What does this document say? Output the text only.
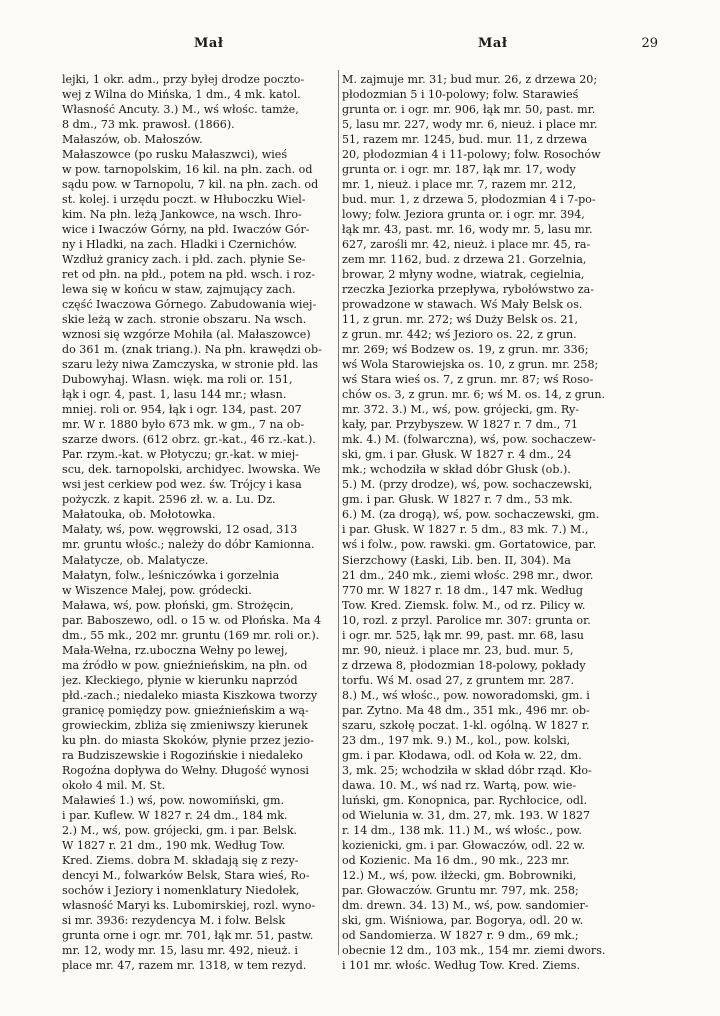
Mał	Mał	29
lejki, 1 okr. adm., przy byłej drodze poczto-
wej z Wilna do Mińska, 1 dm., 4 mk. katol.
Własność Ancuty. 3.) M., wś włośc. tamże,
8 dm., 73 mk. prawosł. (1866).
Małaszów, ob. Małoszów.
Małaszowce (po rusku Małaszwci), wieś
w pow. tarnopolskim, 16 kil. na płn. zach. od
sądu pow. w Tarnopolu, 7 kil. na płn. zach. od
st. kolej. i urzędu poczt. w Hłuboczku Wiel-
kim. Na płn. leżą Jankowce, na wsch. Ihro-
wice i Iwaczów Górny, na płd. Iwaczów Gór-
ny i Hladki, na zach. Hladki i Czernichów.
Wzdłuż granicy zach. i płd. zach. płynie Se-
ret od płn. na płd., potem na płd. wsch. i roz-
lewa się w końcu w staw, zajmujący zach.
część Iwaczowa Górnego. Zabudowania wiej-
skie leżą w zach. stronie obszaru. Na wsch.
wznosi się wzgórze Mohiła (al. Małaszowce)
do 361 m. (znak triang.). Na płn. krawędzi ob-
szaru leży niwa Zamczyska, w stronie płd. las
Dubowyhaj. Własn. więk. ma roli or. 151,
łąk i ogr. 4, past. 1, lasu 144 mr.; własn.
mniej. roli or. 954, łąk i ogr. 134, past. 207
mr. W r. 1880 było 673 mk. w gm., 7 na ob-
szarze dwors. (612 obrz. gr.-kat., 46 rz.-kat.).
Par. rzym.-kat. w Płotyczu; gr.-kat. w miej-
scu, dek. tarnopolski, archidyec. lwowska. We
wsi jest cerkiew pod wez. św. Trójcy i kasa
pożyczk. z kapit. 2596 zł. w. a. Lu. Dz.
Małatouka, ob. Mołotowka.
Małaty, wś, pow. węgrowski, 12 osad, 313
mr. gruntu włośc.; należy do dóbr Kamionna.
Małatycze, ob. Malatycze.
Małatyn, folw., leśniczówka i gorzelnia
w Wiszence Małej, pow. gródecki.
Maława, wś, pow. płoński, gm. Strożęcin,
par. Baboszewo, odl. o 15 w. od Płońska. Ma 4
dm., 55 mk., 202 mr. gruntu (169 mr. roli or.).
Mała-Wełna, rz.uboczna Wełny po lewej,
ma źródło w pow. gnieźnieńskim, na płn. od
jez. Kłeckiego, płynie w kierunku naprzód
płd.-zach.; niedaleko miasta Kiszkowa tworzy
granicę pomiędzy pow. gnieźnieńskim a wą-
growieckim, zbliża się zmieniwszy kierunek
ku płn. do miasta Skoków, płynie przez jezio-
ra Budziszewskie i Rogozińskie i niedaleko
Rogoźna dopływa do Wełny. Długość wynosi
około 4 mil. M. St.
Maławieś 1.) wś, pow. nowomiński, gm.
i par. Kuflew. W 1827 r. 24 dm., 184 mk.
2.) M., wś, pow. grójecki, gm. i par. Belsk.
W 1827 r. 21 dm., 190 mk. Według Tow.
Kred. Ziems. dobra M. składają się z rezy-
dencyi M., folwarków Belsk, Stara wieś, Ro-
sochów i Jeziory i nomenklatury Niedołek,
własność Maryi ks. Lubomirskiej, rozl. wyno-
si mr. 3936: rezydencya M. i folw. Belsk
grunta orne i ogr. mr. 701, łąk mr. 51, pastw.
mr. 12, wody mr. 15, lasu mr. 492, nieuż. i
place mr. 47, razem mr. 1318, w tem rezyd.
M. zajmuje mr. 31; bud mur. 26, z drzewa 20;
płodozmian 5 i 10-polowy; folw. Starawieś
grunta or. i ogr. mr. 906, łąk mr. 50, past. mr.
5, lasu mr. 227, wody mr. 6, nieuż. i place mr.
51, razem mr. 1245, bud. mur. 11, z drzewa
20, płodozmian 4 i 11-polowy; folw. Rosochów
grunta or. i ogr. mr. 187, łąk mr. 17, wody
mr. 1, nieuż. i place mr. 7, razem mr. 212,
bud. mur. 1, z drzewa 5, płodozmian 4 i 7-po-
lowy; folw. Jeziora grunta or. i ogr. mr. 394,
łąk mr. 43, past. mr. 16, wody mr. 5, lasu mr.
627, zarośli mr. 42, nieuż. i place mr. 45, ra-
zem mr. 1162, bud. z drzewa 21. Gorzelnia,
browar, 2 młyny wodne, wiatrak, cegielnia,
rzeczka Jeziorka przepływa, rybołówstwo za-
prowadzone w stawach. Wś Mały Belsk os.
11, z grun. mr. 272; wś Duży Belsk os. 21,
z grun. mr. 442; wś Jezioro os. 22, z grun.
mr. 269; wś Bodzew os. 19, z grun. mr. 336;
wś Wola Starowiejska os. 10, z grun. mr. 258;
wś Stara wieś os. 7, z grun. mr. 87; wś Roso-
chów os. 3, z grun. mr. 6; wś M. os. 14, z grun.
mr. 372. 3.) M., wś, pow. grójecki, gm. Ry-
kały, par. Przybyszew. W 1827 r. 7 dm., 71
mk. 4.) M. (folwarczna), wś, pow. sochaczew-
ski, gm. i par. Głusk. W 1827 r. 4 dm., 24
mk.; wchodziła w skład dóbr Głusk (ob.).
5.) M. (przy drodze), wś, pow. sochaczewski,
gm. i par. Głusk. W 1827 r. 7 dm., 53 mk.
6.) M. (za drogą), wś, pow. sochaczewski, gm.
i par. Głusk. W 1827 r. 5 dm., 83 mk. 7.) M.,
wś i folw., pow. rawski. gm. Gortatowice, par.
Sierzchowy (Łaski, Lib. ben. II, 304). Ma
21 dm., 240 mk., ziemi włośc. 298 mr., dwor.
770 mr. W 1827 r. 18 dm., 147 mk. Według
Tow. Kred. Ziemsk. folw. M., od rz. Pilicy w.
10, rozl. z przyl. Parolice mr. 307: grunta or.
i ogr. mr. 525, łąk mr. 99, past. mr. 68, lasu
mr. 90, nieuż. i place mr. 23, bud. mur. 5,
z drzewa 8, płodozmian 18-polowy, pokłady
torfu. Wś M. osad 27, z gruntem mr. 287.
8.) M., wś włośc., pow. noworadomski, gm. i
par. Zytno. Ma 48 dm., 351 mk., 496 mr. ob-
szaru, szkołę poczat. 1-kl. ogólną. W 1827 r.
23 dm., 197 mk. 9.) M., kol., pow. kolski,
gm. i par. Kłodawa, odl. od Koła w. 22, dm.
3, mk. 25; wchodziła w skład dóbr rząd. Kło-
dawa. 10. M., wś nad rz. Wartą, pow. wie-
luński, gm. Konopnica, par. Rychłocice, odl.
od Wielunia w. 31, dm. 27, mk. 193. W 1827
r. 14 dm., 138 mk. 11.) M., wś włośc., pow.
kozienicki, gm. i par. Głowaczów, odl. 22 w.
od Kozienic. Ma 16 dm., 90 mk., 223 mr.
12.) M., wś, pow. iłżecki, gm. Bobrowniki,
par. Głowaczów. Gruntu mr. 797, mk. 258;
dm. drewn. 34. 13) M., wś, pow. sandomier-
ski, gm. Wiśniowa, par. Bogorya, odl. 20 w.
od Sandomierza. W 1827 r. 9 dm., 69 mk.;
obecnie 12 dm., 103 mk., 154 mr. ziemi dwors.
i 101 mr. włośc. Według Tow. Kred. Ziems.
